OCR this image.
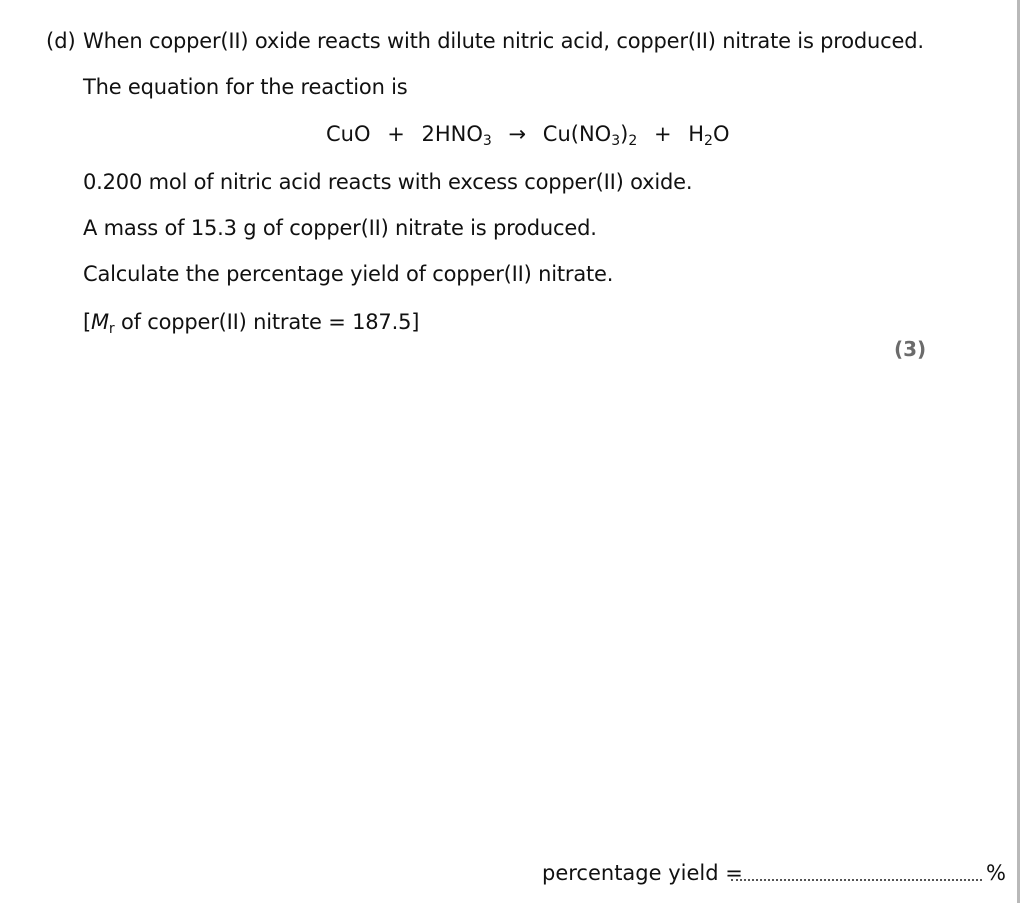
(d) When copper(II) oxide reacts with dilute nitric acid, copper(II) nitrate is produced.
The equation for the reaction is
CuO + $2HNO_3 \to Cu(NO_3)_2 + H_2O$
0.200 mol of nitric acid reacts with excess copper(II) oxide.
A mass of 15.3 g of copper(II) nitrate is produced.
Calculate the percentage yield of copper(II) nitrate.
[$M_r$ of copper(II) nitrate = 187.5]
(3)
percentage yield =	%
